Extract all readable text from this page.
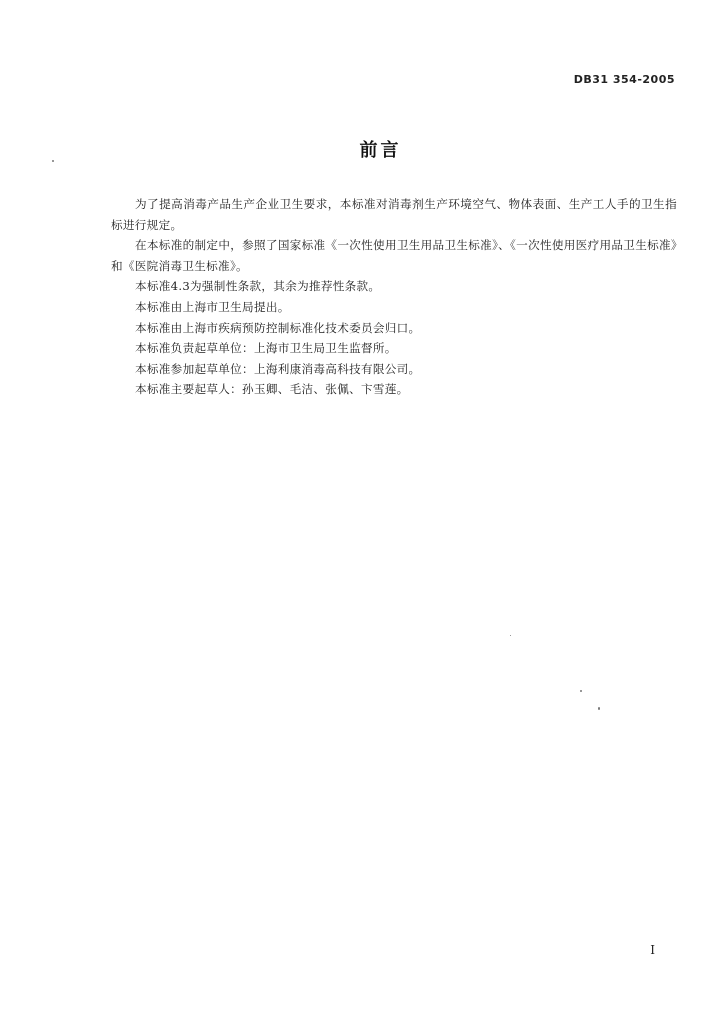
DB31 354-2005
前言

为了提高消毒产品生产企业卫生要求，本标准对消毒剂生产环境空气、物体表面、生产工人手的卫生指标进行规定。

在本标准的制定中，参照了国家标准《一次性使用卫生用品卫生标准》、《一次性使用医疗用品卫生标准》和《医院消毒卫生标准》。

本标准4.3为强制性条款，其余为推荐性条款。

本标准由上海市卫生局提出。

本标准由上海市疾病预防控制标准化技术委员会归口。

本标准负责起草单位：上海市卫生局卫生监督所。

本标准参加起草单位：上海利康消毒高科技有限公司。

本标准主要起草人：孙玉卿、毛洁、张佩、卞雪莲。

I
